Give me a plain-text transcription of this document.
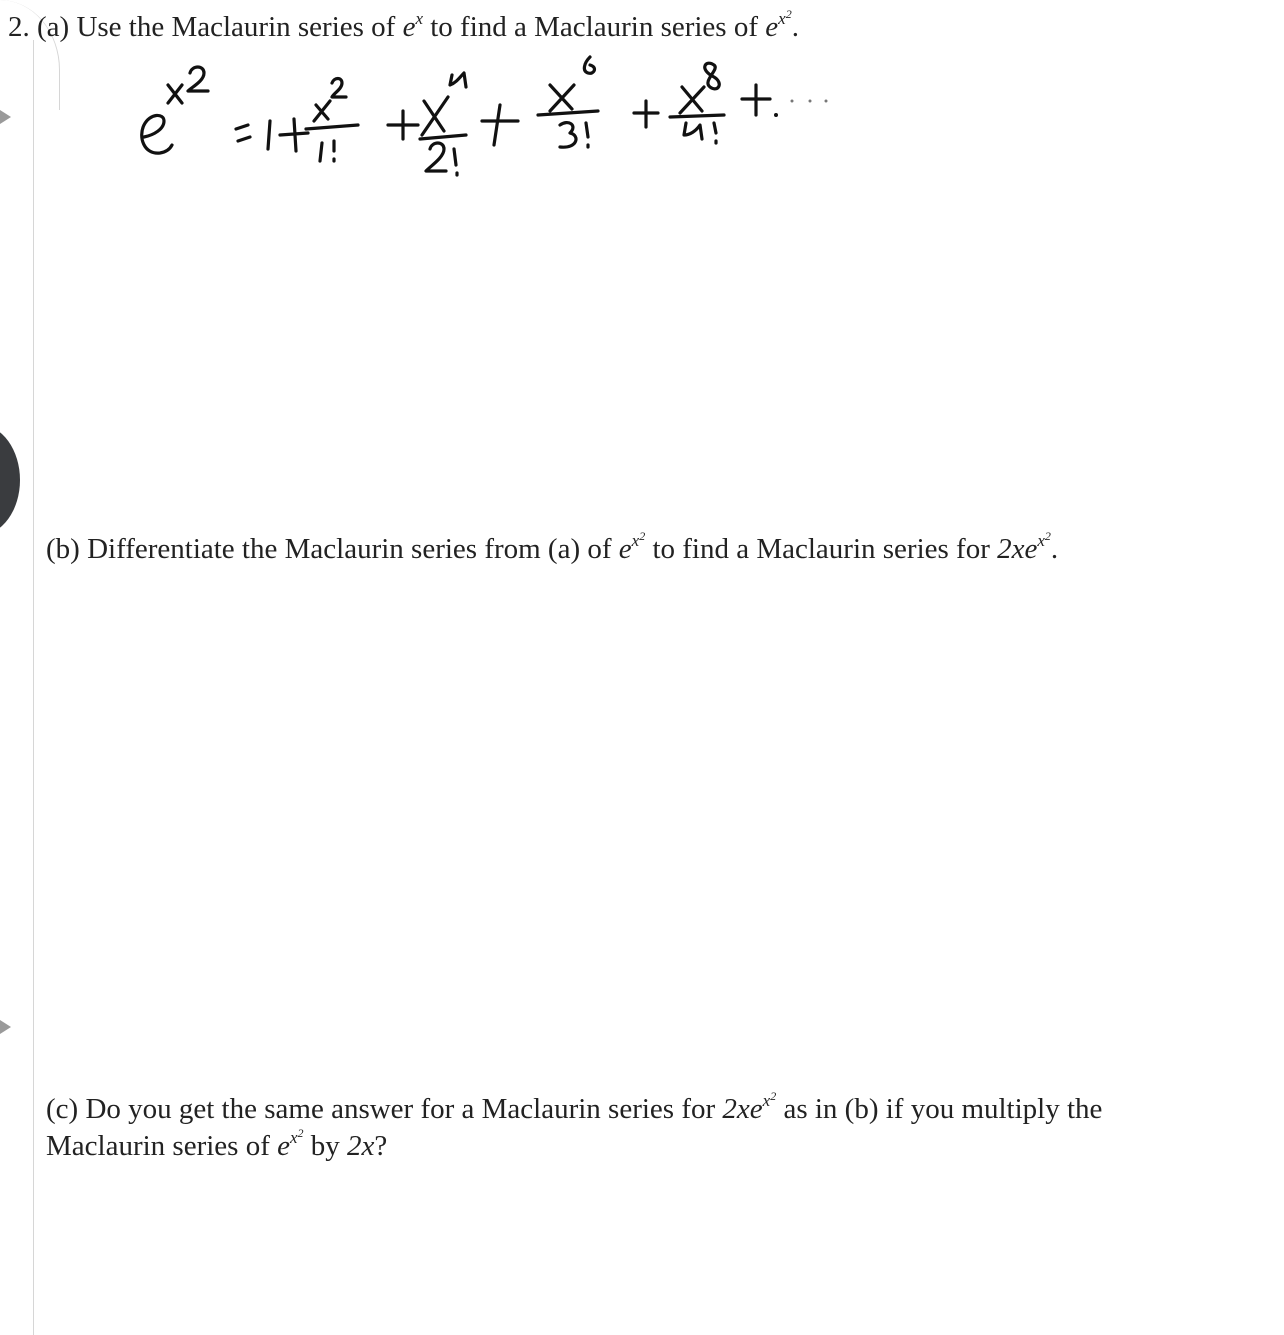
2. (a) Use the Maclaurin series of $e^x$ to find a Maclaurin series of $e^{x^2}$.
(b) Differentiate the Maclaurin series from (a) of $e^{x^2}$ to find a Maclaurin series for $2xe^{x^2}$.
(c) Do you get the same answer for a Maclaurin series for $2xe^{x^2}$ as in (b) if you multiply the Maclaurin series of $e^{x^2}$ by 2x?
